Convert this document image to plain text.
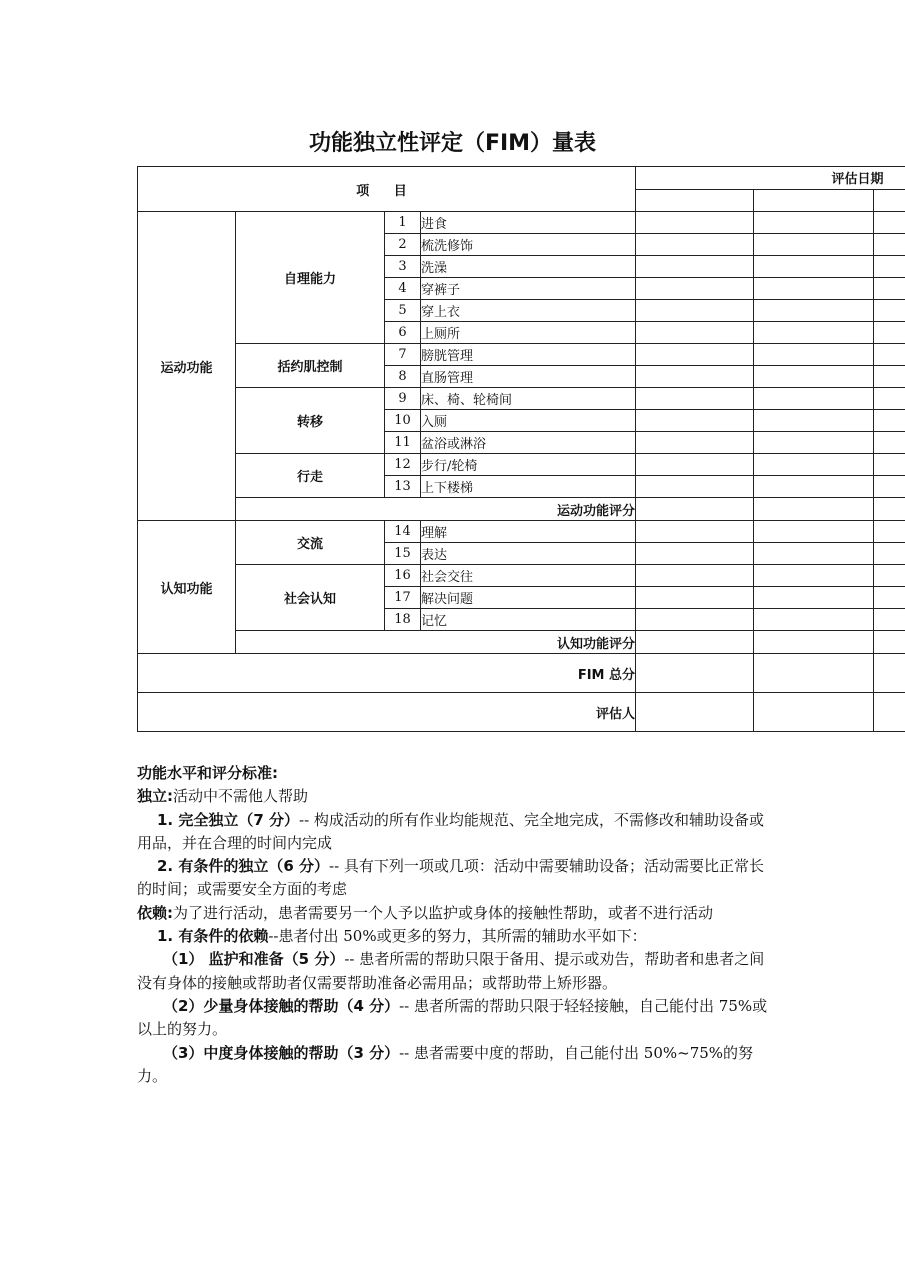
功能独立性评定（FIM）量表
项 目				评估日期		

运动功能	自理能力	1	进食			
		2	梳洗修饰			
		3	洗澡			
		4	穿裤子			
		5	穿上衣			
		6	上厕所			
	括约肌控制	7	膀胱管理			
		8	直肠管理			
	转移	9	床、椅、轮椅间			
		10	入厕			
		11	盆浴或淋浴			
	行走	12	步行/轮椅			
		13	上下楼梯			
	运动功能评分					
认知功能	交流	14	理解			
		15	表达			
	社会认知	16	社会交往			
		17	解决问题			
		18	记忆			
	认知功能评分					
FIM 总分						
评估人						

功能水平和评分标准:

独立:活动中不需他人帮助

1. 完全独立（7 分）-- 构成活动的所有作业均能规范、完全地完成，不需修改和辅助设备或用品，并在合理的时间内完成

2. 有条件的独立（6 分）-- 具有下列一项或几项：活动中需要辅助设备；活动需要比正常长的时间；或需要安全方面的考虑

依赖:为了进行活动，患者需要另一个人予以监护或身体的接触性帮助，或者不进行活动

1. 有条件的依赖--患者付出 50%或更多的努力，其所需的辅助水平如下：

（1） 监护和准备（5 分）-- 患者所需的帮助只限于备用、提示或劝告，帮助者和患者之间没有身体的接触或帮助者仅需要帮助准备必需用品；或帮助带上矫形器。

（2）少量身体接触的帮助（4 分）-- 患者所需的帮助只限于轻轻接触，自己能付出 75%或以上的努力。

（3）中度身体接触的帮助（3 分）-- 患者需要中度的帮助，自己能付出 50%~75%的努力。
